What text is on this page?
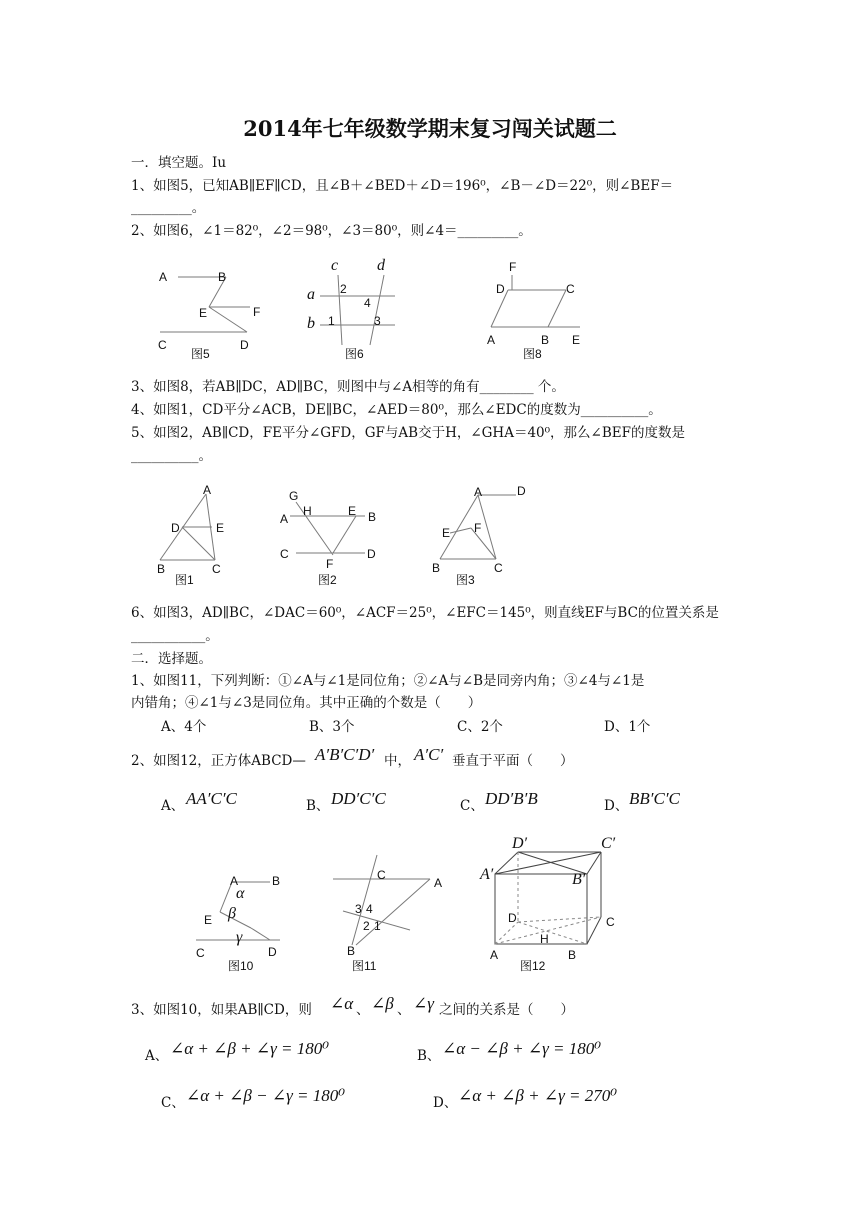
2014年七年级数学期末复习闯关试题二
一．填空题。Iu
1、如图5，已知AB∥EF∥CD，且∠B＋∠BED＋∠D＝196⁰，∠B－∠D＝22⁰，则∠BEF＝
_________。
2、如图6，∠1＝82⁰，∠2＝98⁰，∠3＝80⁰，则∠4＝_________。
3、如图8，若AB∥DC，AD∥BC，则图中与∠A相等的角有________ 个。
4、如图1，CD平分∠ACB，DE∥BC，∠AED＝80⁰，那么∠EDC的度数为__________。
5、如图2，AB∥CD，FE平分∠GFD，GF与AB交于H，∠GHA＝40⁰，那么∠BEF的度数是
__________。
6、如图3，AD∥BC，∠DAC＝60⁰，∠ACF＝25⁰，∠EFC＝145⁰，则直线EF与BC的位置关系是
___________。
二．选择题。
1、如图11，下列判断：①∠A与∠1是同位角；②∠A与∠B是同旁内角；③∠4与∠1是
内错角；④∠1与∠3是同位角。其中正确的个数是（　　）
A、4个	B、3个	C、2个	D、1个
2、如图12，正方体ABCD— A′B′C′D′ 中， A′C′ 垂直于平面（　　）
A、 AA′C′C	B、 DD′C′C	C、 DD′B′B	D、 BB′C′C
3、如图10，如果AB∥CD，则 ∠α 、 ∠β 、 ∠γ 之间的关系是（　　）
A、 ∠α + ∠β + ∠γ = 180⁰	B、 ∠α − ∠β + ∠γ = 180⁰
C、 ∠α + ∠β − ∠γ = 180⁰	D、 ∠α + ∠β + ∠γ = 270⁰
A	B
E	F
C	D
图5
c d
a
b
2
4
1	3
图6
F
D	C
A	B E
图8
A
D	E
B	C
图1
G
A
H	E B
C
F
D
图2
A	D
E F
B	C
图3
A	B
α
E β
γ
C	D
图10
C
A
3 4
2 1
B
图11
D′	C′
A′	B′
D	C
H
A	B
图12
